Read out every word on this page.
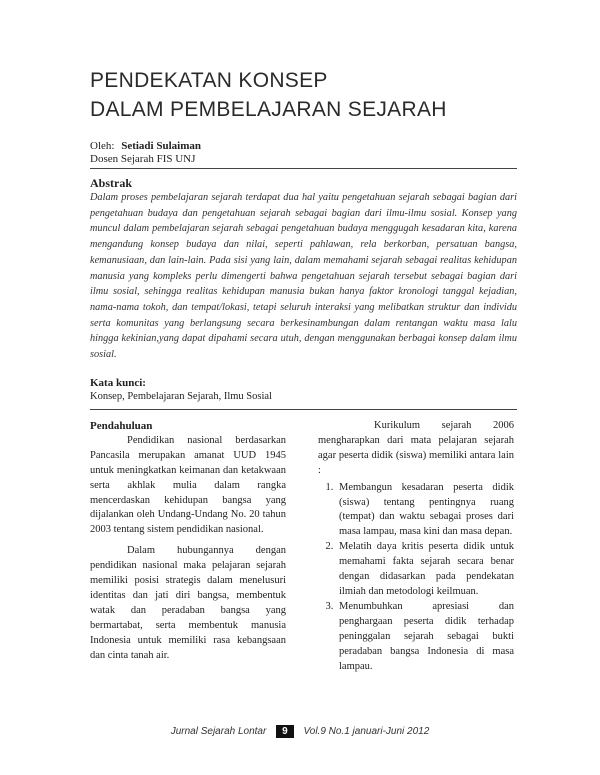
PENDEKATAN KONSEP
DALAM PEMBELAJARAN SEJARAH
Oleh: Setiadi Sulaiman
Dosen Sejarah FIS UNJ
Abstrak
Dalam proses pembelajaran sejarah terdapat dua hal yaitu pengetahuan sejarah sebagai bagian dari pengetahuan budaya dan pengetahuan sejarah sebagai bagian dari ilmu-ilmu sosial. Konsep yang muncul dalam pembelajaran sejarah sebagai pengetahuan budaya menggugah kesadaran kita, karena mengandung konsep budaya dan nilai, seperti pahlawan, rela berkorban, persatuan bangsa, kemanusiaan, dan lain-lain. Pada sisi yang lain, dalam memahami sejarah sebagai realitas kehidupan manusia yang kompleks perlu dimengerti bahwa pengetahuan sejarah tersebut sebagai bagian dari ilmu sosial, sehingga realitas kehidupan manusia bukan hanya faktor kronologi tanggal kejadian, nama-nama tokoh, dan tempat/lokasi, tetapi seluruh interaksi yang melibatkan struktur dan individu serta komunitas yang berlangsung secara berkesinambungan dalam rentangan waktu masa lalu hingga kekinian,yang dapat dipahami secara utuh, dengan menggunakan berbagai konsep dalam ilmu sosial.
Kata kunci:
Konsep, Pembelajaran Sejarah, Ilmu Sosial
Pendahuluan

Pendidikan nasional berdasarkan Pancasila merupakan amanat UUD 1945 untuk meningkatkan keimanan dan ketakwaan serta akhlak mulia dalam rangka mencerdaskan kehidupan bangsa yang dijalankan oleh Undang-Undang No. 20 tahun 2003 tentang sistem pendidikan nasional.

Dalam hubungannya dengan pendidikan nasional maka pelajaran sejarah memiliki posisi strategis dalam menelusuri identitas dan jati diri bangsa, membentuk watak dan peradaban bangsa yang bermartabat, serta membentuk manusia Indonesia untuk memiliki rasa kebangsaan dan cinta tanah air.

Kurikulum sejarah 2006 mengharapkan dari mata pelajaran sejarah agar peserta didik (siswa) memiliki antara lain :

1. Membangun kesadaran peserta didik (siswa) tentang pentingnya ruang (tempat) dan waktu sebagai proses dari masa lampau, masa kini dan masa depan.
2. Melatih daya kritis peserta didik untuk memahami fakta sejarah secara benar dengan didasarkan pada pendekatan ilmiah dan metodologi keilmuan.
3. Menumbuhkan apresiasi dan penghargaan peserta didik terhadap peninggalan sejarah sebagai bukti peradaban bangsa Indonesia di masa lampau.
Jurnal Sejarah Lontar 9 Vol.9 No.1 januari-Juni 2012
